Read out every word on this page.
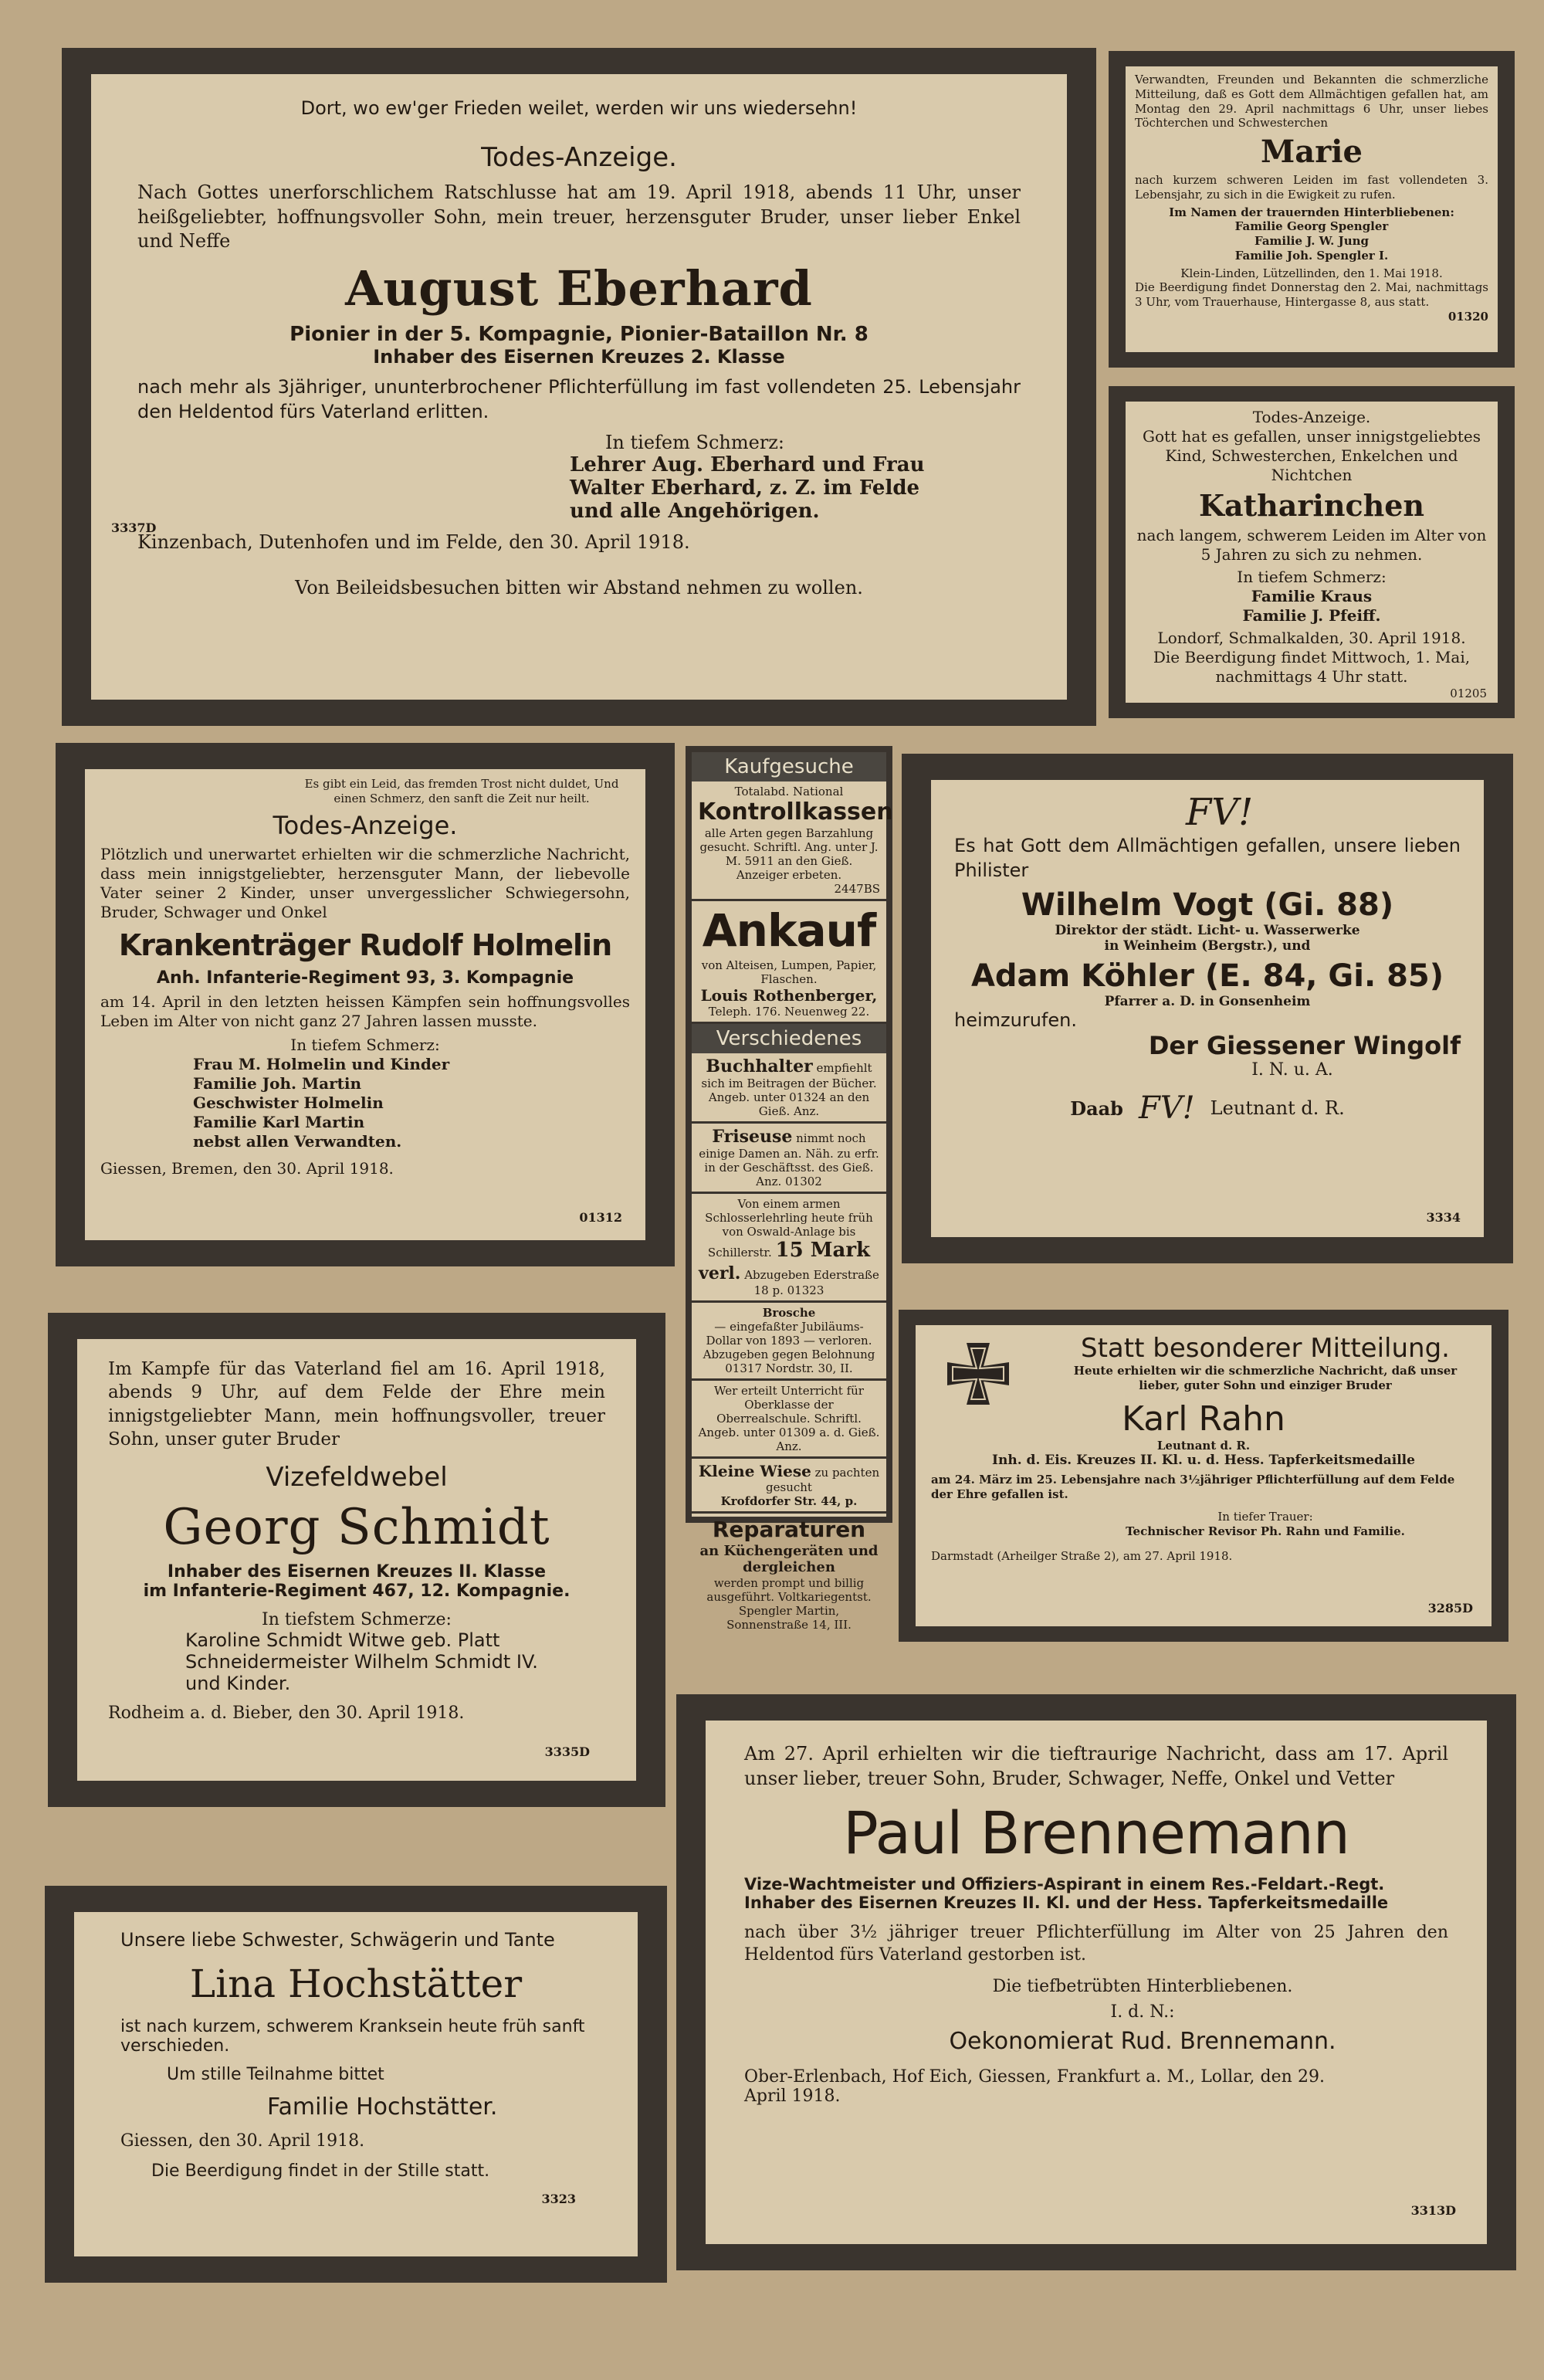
Dort, wo ew'ger Frieden weilet, werden wir uns wiedersehn!
Todes-Anzeige.
Nach Gottes unerforschlichem Ratschlusse hat am 19. April 1918, abends 11 Uhr, unser heißgeliebter, hoffnungsvoller Sohn, mein treuer, herzensguter Bruder, unser lieber Enkel und Neffe
August Eberhard
Pionier in der 5. Kompagnie, Pionier-Bataillon Nr. 8
Inhaber des Eisernen Kreuzes 2. Klasse
nach mehr als 3jähriger, ununterbrochener Pflichterfüllung im fast vollendeten 25. Lebensjahr den Heldentod fürs Vaterland erlitten.
In tiefem Schmerz:
Lehrer Aug. Eberhard und Frau
Walter Eberhard, z. Z. im Felde
und alle Angehörigen.
3337D
Kinzenbach, Dutenhofen und im Felde, den 30. April 1918.
Von Beileidsbesuchen bitten wir Abstand nehmen zu wollen.
Verwandten, Freunden und Bekannten die schmerzliche Mitteilung, daß es Gott dem Allmächtigen gefallen hat, am Montag den 29. April nachmittags 6 Uhr, unser liebes Töchterchen und Schwesterchen
Marie
nach kurzem schweren Leiden im fast vollendeten 3. Lebensjahr, zu sich in die Ewigkeit zu rufen.
Im Namen der trauernden Hinterbliebenen:
Familie Georg Spengler
Familie J. W. Jung
Familie Joh. Spengler I.
Klein-Linden, Lützellinden, den 1. Mai 1918.
Die Beerdigung findet Donnerstag den 2. Mai, nachmittags 3 Uhr, vom Trauerhause, Hintergasse 8, aus statt.
01320
Todes-Anzeige.
Gott hat es gefallen, unser innigstgeliebtes Kind, Schwesterchen, Enkelchen und Nichtchen
Katharinchen
nach langem, schwerem Leiden im Alter von 5 Jahren zu sich zu nehmen.
In tiefem Schmerz:
Familie Kraus
Familie J. Pfeiff.
Londorf, Schmalkalden, 30. April 1918.
Die Beerdigung findet Mittwoch, 1. Mai, nachmittags 4 Uhr statt.
01205
Es gibt ein Leid, das fremden Trost nicht duldet, Und einen Schmerz, den sanft die Zeit nur heilt.
Todes-Anzeige.
Plötzlich und unerwartet erhielten wir die schmerzliche Nachricht, dass mein innigstgeliebter, herzensguter Mann, der liebevolle Vater seiner 2 Kinder, unser unvergesslicher Schwiegersohn, Bruder, Schwager und Onkel
Krankenträger Rudolf Holmelin
Anh. Infanterie-Regiment 93, 3. Kompagnie
am 14. April in den letzten heissen Kämpfen sein hoffnungsvolles Leben im Alter von nicht ganz 27 Jahren lassen musste.
In tiefem Schmerz:
Frau M. Holmelin und Kinder
Familie Joh. Martin
Geschwister Holmelin
Familie Karl Martin
nebst allen Verwandten.
Giessen, Bremen, den 30. April 1918.
01312
Kaufgesuche
Totalabd. National
Kontrollkassen
alle Arten gegen Barzahlung gesucht. Schriftl. Ang. unter J. M. 5911 an den Gieß. Anzeiger erbeten.
2447BS
Ankauf
von Alteisen, Lumpen, Papier, Flaschen.
Louis Rothenberger,
Teleph. 176. Neuenweg 22.
Verschiedenes
Buchhalter empfiehlt sich im Beitragen der Bücher. Angeb. unter 01324 an den Gieß. Anz.
Friseuse nimmt noch einige Damen an. Näh. zu erfr. in der Geschäftsst. des Gieß. Anz. 01302
Von einem armen Schlosserlehrling heute früh von Oswald-Anlage bis Schillerstr. 15 Mark verl. Abzugeben Ederstraße 18 p. 01323
Brosche
— eingefaßter Jubiläums-Dollar von 1893 — verloren. Abzugeben gegen Belohnung 01317 Nordstr. 30, II.
Wer erteilt Unterricht für Oberklasse der Oberrealschule. Schriftl. Angeb. unter 01309 a. d. Gieß. Anz.
Kleine Wiese zu pachten gesucht
Krofdorfer Str. 44, p.
Reparaturen
an Küchengeräten und dergleichen
werden prompt und billig ausgeführt. Voltkariegentst. Spengler Martin, Sonnenstraße 14, III.
FV!
Es hat Gott dem Allmächtigen gefallen, unsere lieben Philister
Wilhelm Vogt (Gi. 88)
Direktor der städt. Licht- u. Wasserwerke
in Weinheim (Bergstr.), und
Adam Köhler (E. 84, Gi. 85)
Pfarrer a. D. in Gonsenheim
heimzurufen.
Der Giessener Wingolf
I. N. u. A.
Daab FV! Leutnant d. R.
3334
Im Kampfe für das Vaterland fiel am 16. April 1918, abends 9 Uhr, auf dem Felde der Ehre mein innigstgeliebter Mann, mein hoffnungsvoller, treuer Sohn, unser guter Bruder
Vizefeldwebel
Georg Schmidt
Inhaber des Eisernen Kreuzes II. Klasse
im Infanterie-Regiment 467, 12. Kompagnie.
In tiefstem Schmerze:
Karoline Schmidt Witwe geb. Platt
Schneidermeister Wilhelm Schmidt IV.
und Kinder.
Rodheim a. d. Bieber, den 30. April 1918.
3335D
Statt besonderer Mitteilung.
Heute erhielten wir die schmerzliche Nachricht, daß unser lieber, guter Sohn und einziger Bruder
Karl Rahn
Leutnant d. R.
Inh. d. Eis. Kreuzes II. Kl. u. d. Hess. Tapferkeitsmedaille
am 24. März im 25. Lebensjahre nach 3½jähriger Pflichterfüllung auf dem Felde der Ehre gefallen ist.
In tiefer Trauer:
Technischer Revisor Ph. Rahn und Familie.
Darmstadt (Arheilger Straße 2), am 27. April 1918.
3285D
Unsere liebe Schwester, Schwägerin und Tante
Lina Hochstätter
ist nach kurzem, schwerem Kranksein heute früh sanft verschieden.
Um stille Teilnahme bittet
Familie Hochstätter.
Giessen, den 30. April 1918.
3323
Die Beerdigung findet in der Stille statt.
Am 27. April erhielten wir die tieftraurige Nachricht, dass am 17. April unser lieber, treuer Sohn, Bruder, Schwager, Neffe, Onkel und Vetter
Paul Brennemann
Vize-Wachtmeister und Offiziers-Aspirant in einem Res.-Feldart.-Regt.
Inhaber des Eisernen Kreuzes II. Kl. und der Hess. Tapferkeitsmedaille
nach über 3½ jähriger treuer Pflichterfüllung im Alter von 25 Jahren den Heldentod fürs Vaterland gestorben ist.
Die tiefbetrübten Hinterbliebenen.
I. d. N.:
Oekonomierat Rud. Brennemann.
Ober-Erlenbach, Hof Eich, Giessen, Frankfurt a. M., Lollar, den 29. April 1918.
3313D
